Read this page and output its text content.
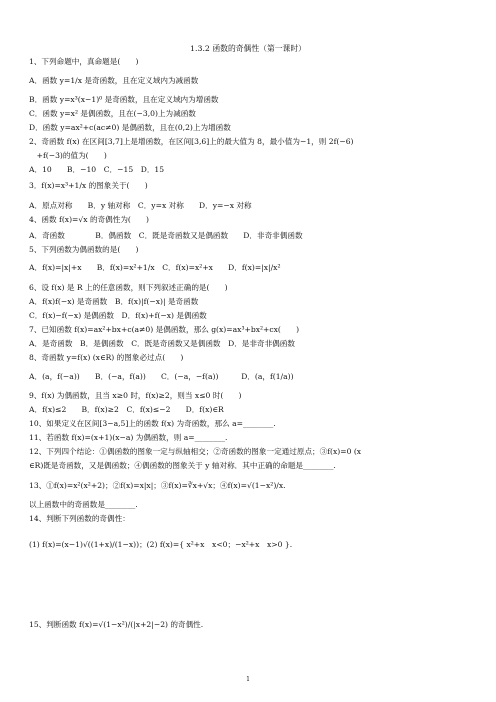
1.3.2 函数的奇偶性（第一课时）
1、下列命题中，真命题是(　　)
A．函数 y=1/x 是奇函数，且在定义域内为减函数
B．函数 y=x³(x−1)⁰ 是奇函数，且在定义域内为增函数
C．函数 y=x² 是偶函数，且在(−3,0)上为减函数
D．函数 y=ax²+c(ac≠0) 是偶函数，且在(0,2)上为增函数
2、奇函数 f(x) 在区间[3,7]上是增函数，在区间[3,6]上的最大值为 8，最小值为−1，则 2f(−6)
　+f(−3)的值为(　　)
A．10　　B．−10　C．−15　D．15
3．f(x)=x³+1/x 的图象关于(　　)
A．原点对称　　B．y 轴对称　C．y=x 对称　　D．y=−x 对称
4、函数 f(x)=√x 的奇偶性为(　　)
A．奇函数　　　　B．偶函数　C．既是奇函数又是偶函数　　D．非奇非偶函数
5、下列函数为偶函数的是(　　)
A．f(x)=|x|+x　　B．f(x)=x²+1/x　C．f(x)=x²+x　　D．f(x)=|x|/x²
6、设 f(x) 是 R 上的任意函数，则下列叙述正确的是(　　)
A．f(x)f(−x) 是奇函数　B．f(x)|f(−x)| 是奇函数
C．f(x)−f(−x) 是偶函数　D．f(x)+f(−x) 是偶函数
7、已知函数 f(x)=ax²+bx+c(a≠0) 是偶函数，那么 g(x)=ax³+bx²+cx(　　)
A．是奇函数　B．是偶函数　C．既是奇函数又是偶函数　D．是非奇非偶函数
8、奇函数 y=f(x) (x∈R) 的图象必过点(　　)
A．(a，f(−a))　　B．(−a，f(a))　　C．(−a，−f(a))　　　D．(a，f(1/a))
9、f(x) 为偶函数，且当 x≥0 时，f(x)≥2，则当 x≤0 时(　　)
A．f(x)≤2　　B．f(x)≥2　C．f(x)≤−2　　D．f(x)∈R
10、如果定义在区间[3−a,5]上的函数 f(x) 为奇函数，那么 a=________.
11、若函数 f(x)=(x+1)(x−a) 为偶函数，则 a=________.
12、下列四个结论：①偶函数的图象一定与纵轴相交；②奇函数的图象一定通过原点；③f(x)=0 (x
∈R)既是奇函数，又是偶函数；④偶函数的图象关于 y 轴对称．其中正确的命题是________.
13、①f(x)=x²(x²+2)；②f(x)=x|x|；③f(x)=∛x+√x；④f(x)=√(1−x²)/x.
以上函数中的奇函数是________.
14、判断下列函数的奇偶性：
(1) f(x)=(x−1)√((1+x)/(1−x))；(2) f(x)={ x²+x　x<0；−x²+x　x>0 }.
15、判断函数 f(x)=√(1−x²)/(|x+2|−2) 的奇偶性.
1
